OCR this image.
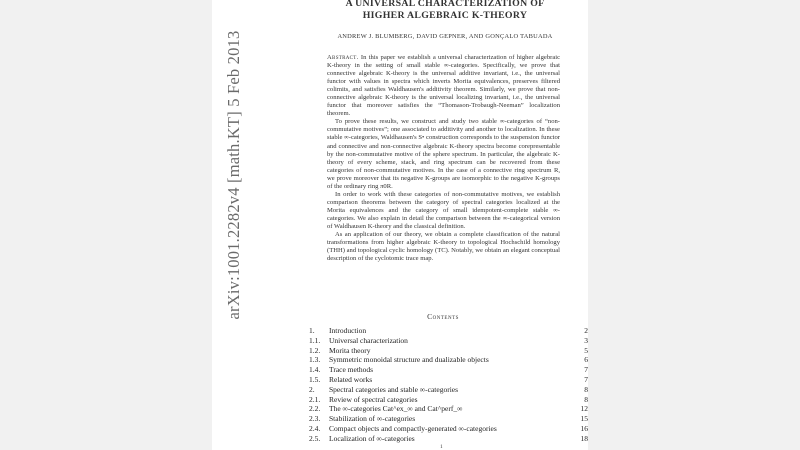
arXiv:1001.2282v4 [math.KT] 5 Feb 2013
A UNIVERSAL CHARACTERIZATION OF
HIGHER ALGEBRAIC K-THEORY
ANDREW J. BLUMBERG, DAVID GEPNER, AND GONÇALO TABUADA

Abstract. In this paper we establish a universal characterization of higher algebraic K-theory in the setting of small stable ∞-categories. Specifically, we prove that connective algebraic K-theory is the universal additive invariant, i.e., the universal functor with values in spectra which inverts Morita equivalences, preserves filtered colimits, and satisfies Waldhausen's additivity theorem. Similarly, we prove that non-connective algebraic K-theory is the universal localizing invariant, i.e., the universal functor that moreover satisfies the “Thomason-Trobaugh-Neeman” localization theorem.

To prove these results, we construct and study two stable ∞-categories of “non-commutative motives”; one associated to additivity and another to localization. In these stable ∞-categories, Waldhausen's S• construction corresponds to the suspension functor and connective and non-connective algebraic K-theory spectra become corepresentable by the non-commutative motive of the sphere spectrum. In particular, the algebraic K-theory of every scheme, stack, and ring spectrum can be recovered from these categories of non-commutative motives. In the case of a connective ring spectrum R, we prove moreover that its negative K-groups are isomorphic to the negative K-groups of the ordinary ring π0R.

In order to work with these categories of non-commutative motives, we establish comparison theorems between the category of spectral categories localized at the Morita equivalences and the category of small idempotent-complete stable ∞-categories. We also explain in detail the comparison between the ∞-categorical version of Waldhausen K-theory and the classical definition.

As an application of our theory, we obtain a complete classification of the natural transformations from higher algebraic K-theory to topological Hochschild homology (THH) and topological cyclic homology (TC). Notably, we obtain an elegant conceptual description of the cyclotomic trace map.

Contents
1.	Introduction	2
1.1.	Universal characterization	3
1.2.	Morita theory	5
1.3.	Symmetric monoidal structure and dualizable objects	6
1.4.	Trace methods	7
1.5.	Related works	7
2.	Spectral categories and stable ∞-categories	8
2.1.	Review of spectral categories	8
2.2.	The ∞-categories Cat^ex_∞ and Cat^perf_∞	12
2.3.	Stabilization of ∞-categories	15
2.4.	Compact objects and compactly-generated ∞-categories	16
2.5.	Localization of ∞-categories	18
1
